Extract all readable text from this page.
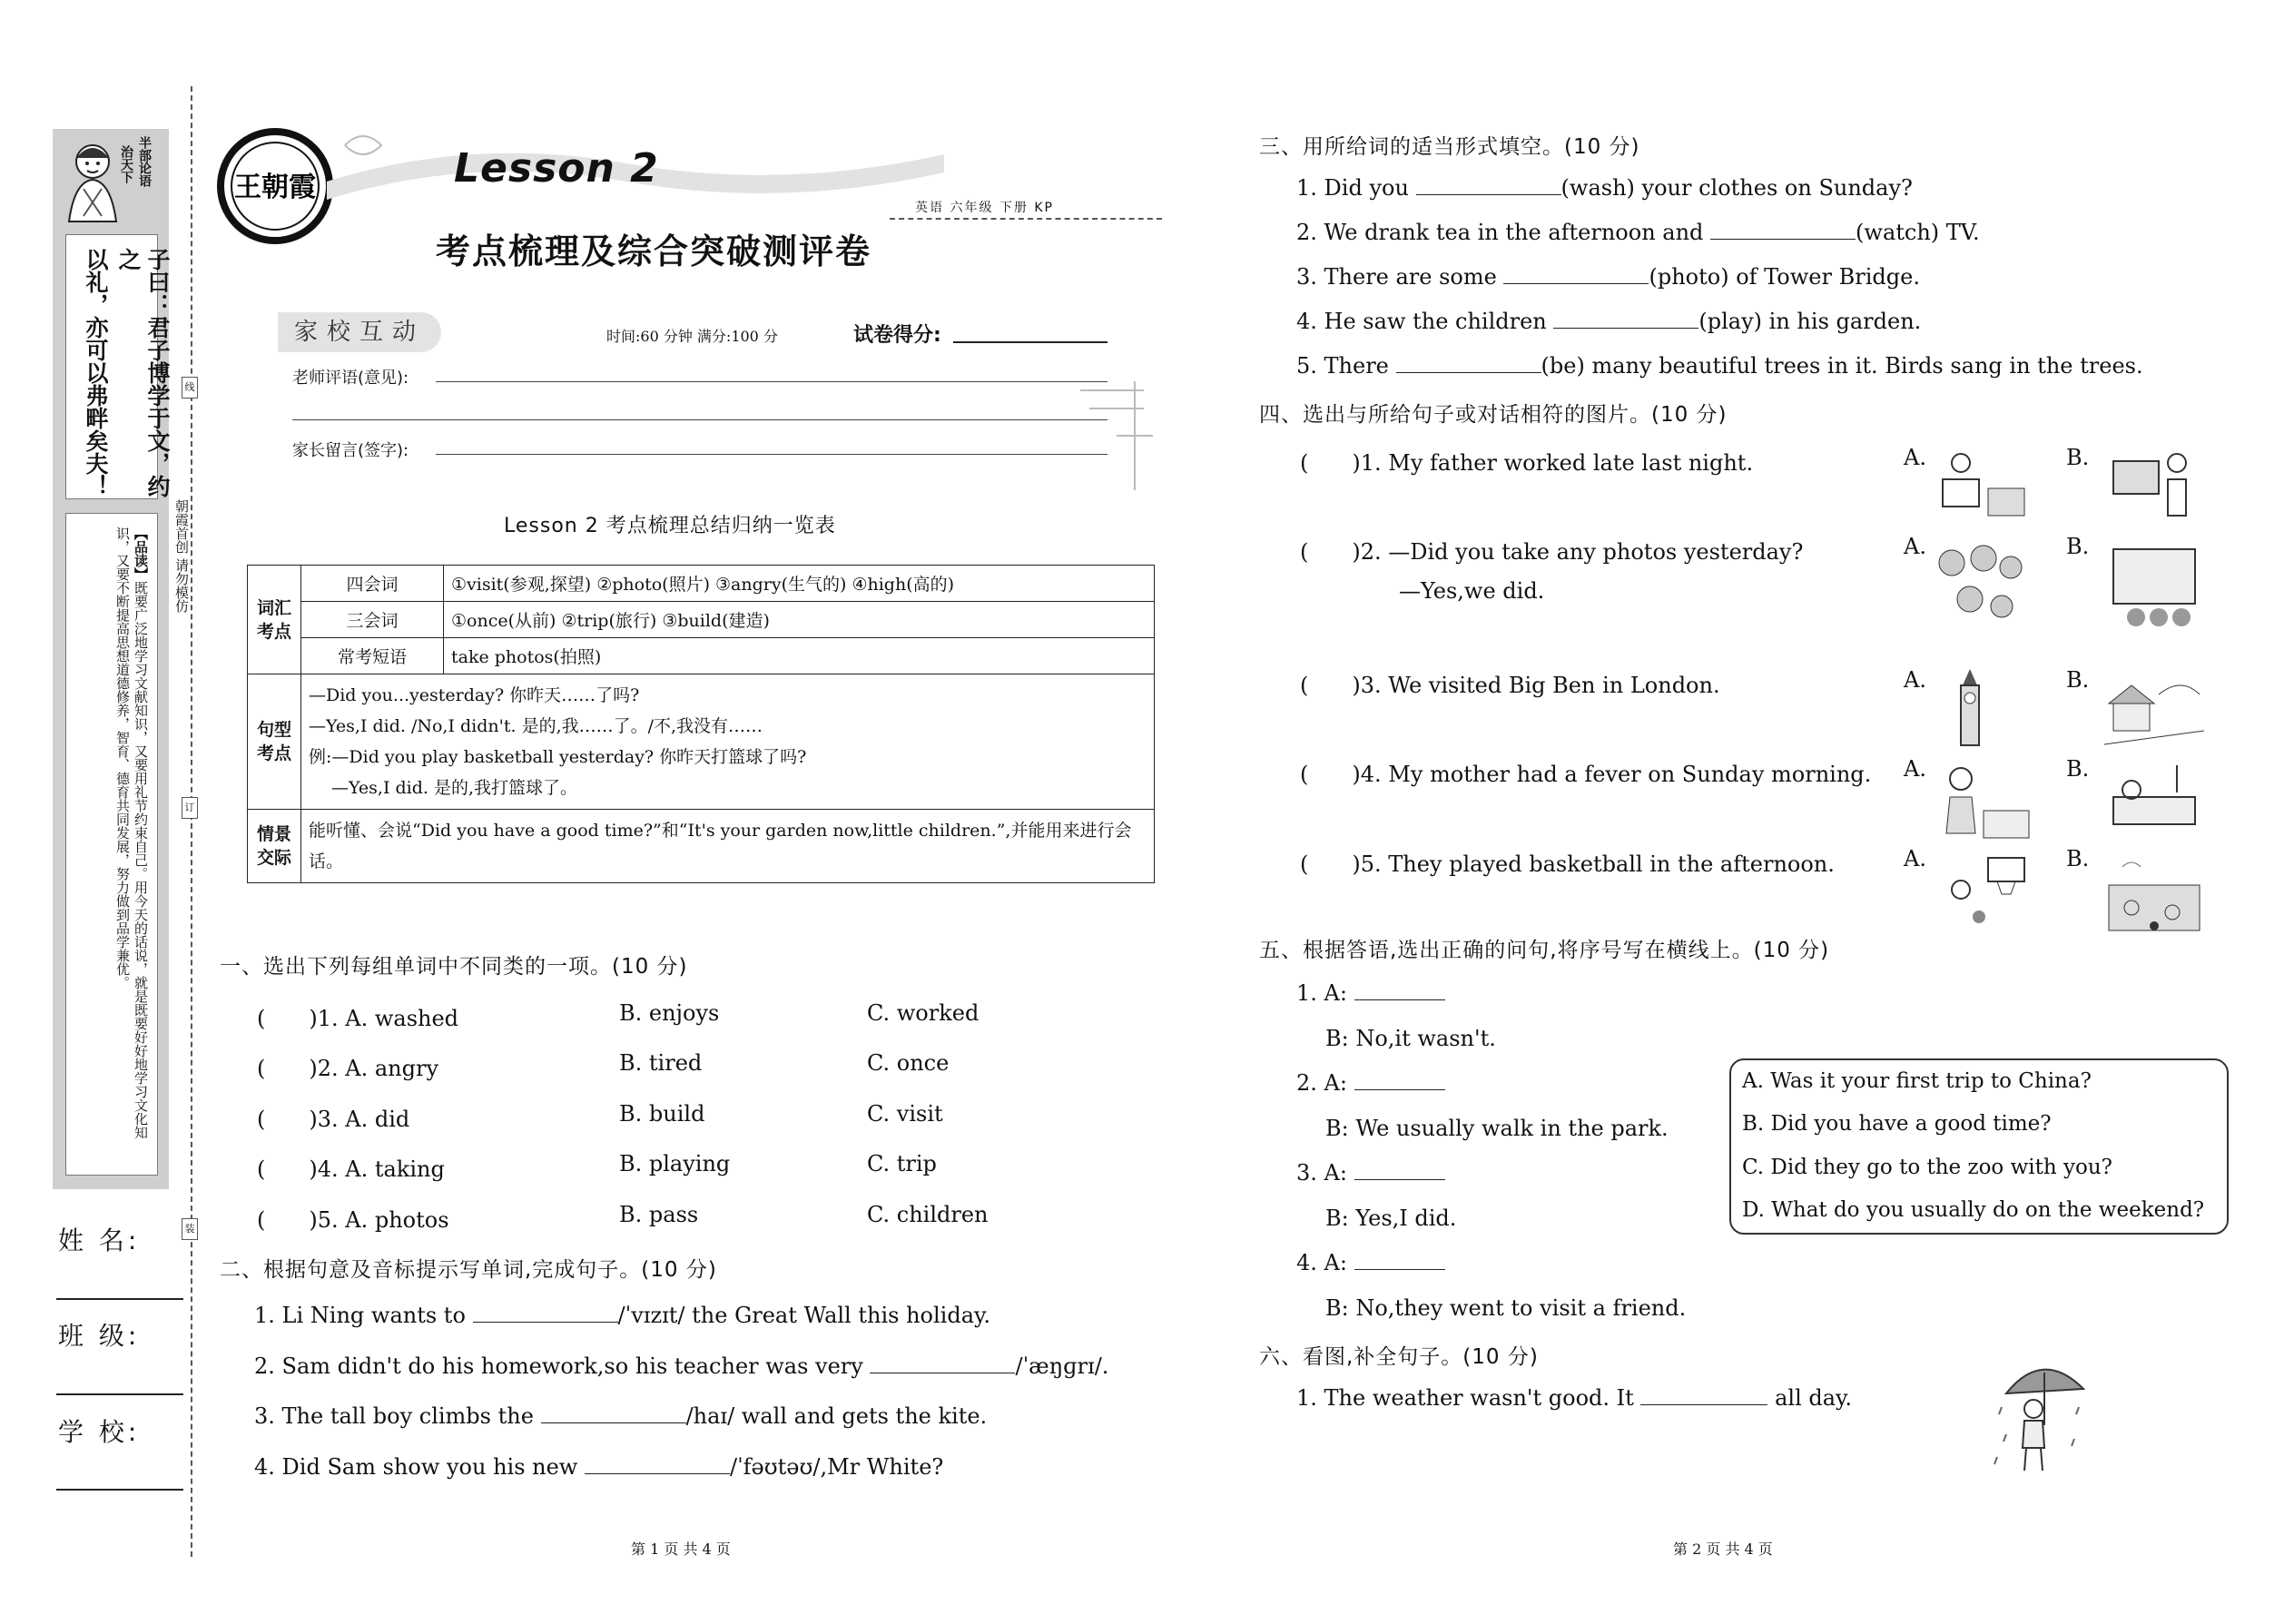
半部论语
治天下
子曰：君子博学于文，约之
以礼，亦可以弗畔矣夫！
【品读】既要广泛地学习文献知识，又要用礼节约束自己。用今天的话说，就是既要好好地学习文化知识，又要不断提高思想道德修养，智育、德育共同发展，努力做到品学兼优。
姓 名:
班 级:
学 校:
线
订
装
朝霞首创 请勿模仿
王朝霞	Lesson 2
考点梳理及综合突破测评卷
英语 六年级 下册 KP
家校互动	时间:60 分钟 满分:100 分	试卷得分:
老师评语(意见):
家长留言(签字):
Lesson 2 考点梳理总结归纳一览表
词汇考点	四会词	①visit(参观,探望) ②photo(照片) ③angry(生气的) ④high(高的)
	三会词	①once(从前) ②trip(旅行) ③build(建造)
	常考短语	take photos(拍照)
句型考点	—Did you...yesterday? 你昨天……了吗?
—Yes,I did. /No,I didn't. 是的,我……了。/不,我没有……
例:—Did you play basketball yesterday? 你昨天打篮球了吗?
　 —Yes,I did. 是的,我打篮球了。	

情景交际	能听懂、会说“Did you have a good time?”和“It's your garden now,little children.”,并能用来进行会话。	
一、选出下列每组单词中不同类的一项。(10 分)
(　　)1. A. washed	B. enjoys	C. worked
(　　)2. A. angry	B. tired	C. once
(　　)3. A. did	B. build	C. visit
(　　)4. A. taking	B. playing	C. trip
(　　)5. A. photos	B. pass	C. children
二、根据句意及音标提示写单词,完成句子。(10 分)
1. Li Ning wants to	/ˈvɪzɪt/ the Great Wall this holiday.
2. Sam didn't do his homework,so his teacher was very	/ˈæŋɡrɪ/.
3. The tall boy climbs the	/haɪ/ wall and gets the kite.
4. Did Sam show you his new	/ˈfəʊtəʊ/,Mr White?
第 1 页 共 4 页
三、用所给词的适当形式填空。(10 分)
1. Did you	(wash) your clothes on Sunday?
2. We drank tea in the afternoon and	(watch) TV.
3. There are some	(photo) of Tower Bridge.
4. He saw the children	(play) in his garden.
5. There	(be) many beautiful trees in it. Birds sang in the trees.
四、选出与所给句子或对话相符的图片。(10 分)
(　　)1. My father worked late last night.	A.	B.
(　　)2. —Did you take any photos yesterday?
—Yes,we did.
A.	B.
(　　)3. We visited Big Ben in London.	A.	B.
(　　)4. My mother had a fever on Sunday morning. A.	B.
(　　)5. They played basketball in the afternoon.	A.	B.
五、根据答语,选出正确的问句,将序号写在横线上。(10 分)
1. A:
B: No,it wasn't.
2. A:
B: We usually walk in the park.
3. A:
B: Yes,I did.
4. A:
B: No,they went to visit a friend.
A. Was it your first trip to China?
B. Did you have a good time?
C. Did they go to the zoo with you?
D. What do you usually do on the weekend?
六、看图,补全句子。(10 分)
1. The weather wasn't good. It	all day.
第 2 页 共 4 页
